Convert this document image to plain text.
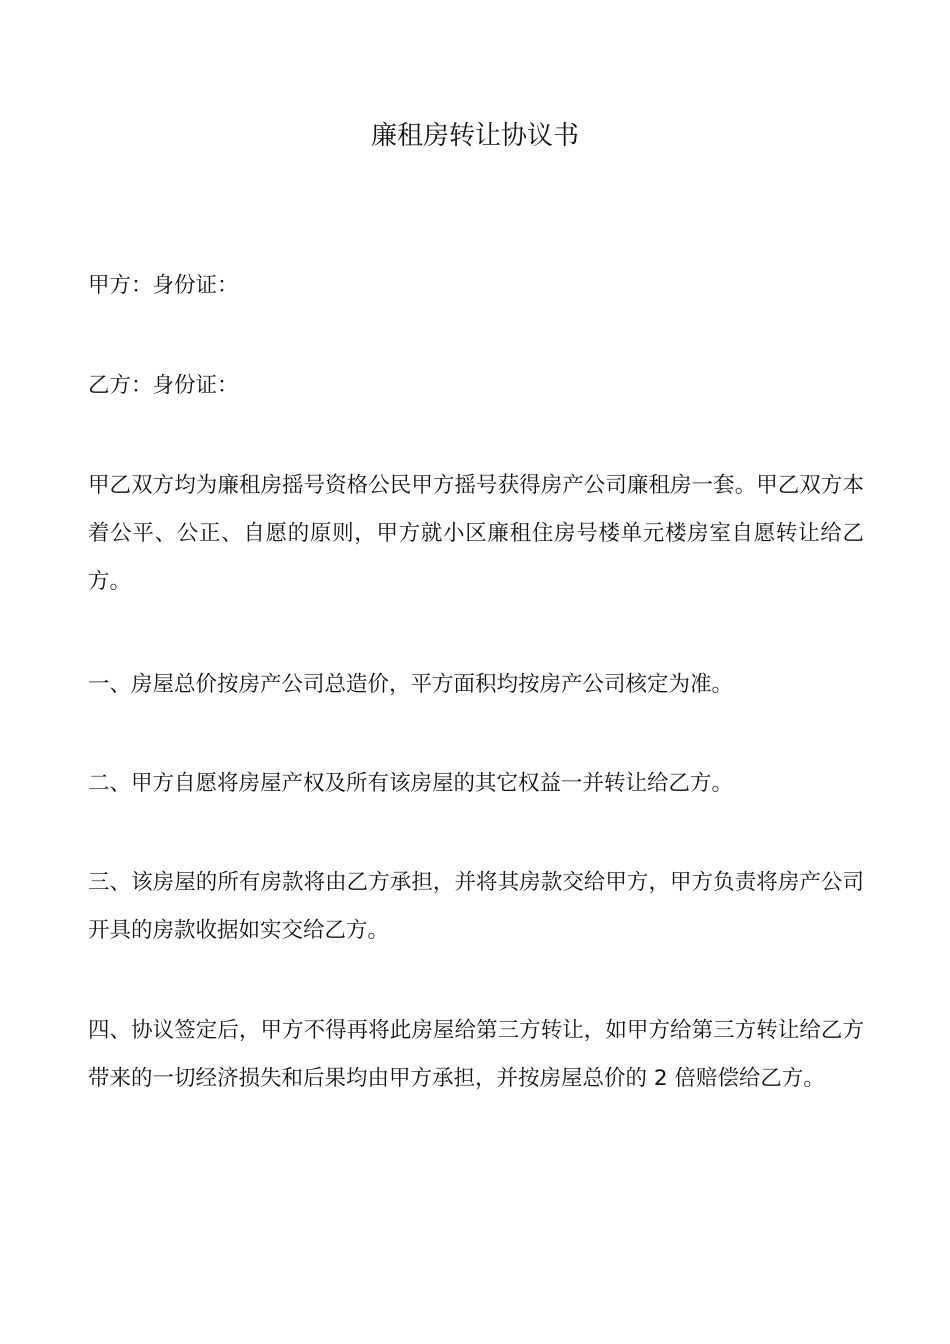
廉租房转让协议书

甲方：身份证：

乙方：身份证：

甲乙双方均为廉租房摇号资格公民甲方摇号获得房产公司廉租房一套。甲乙双方本着公平、公正、自愿的原则，甲方就小区廉租住房号楼单元楼房室自愿转让给乙方。

一、房屋总价按房产公司总造价，平方面积均按房产公司核定为准。

二、甲方自愿将房屋产权及所有该房屋的其它权益一并转让给乙方。

三、该房屋的所有房款将由乙方承担，并将其房款交给甲方，甲方负责将房产公司开具的房款收据如实交给乙方。

四、协议签定后，甲方不得再将此房屋给第三方转让，如甲方给第三方转让给乙方带来的一切经济损失和后果均由甲方承担，并按房屋总价的 2 倍赔偿给乙方。
